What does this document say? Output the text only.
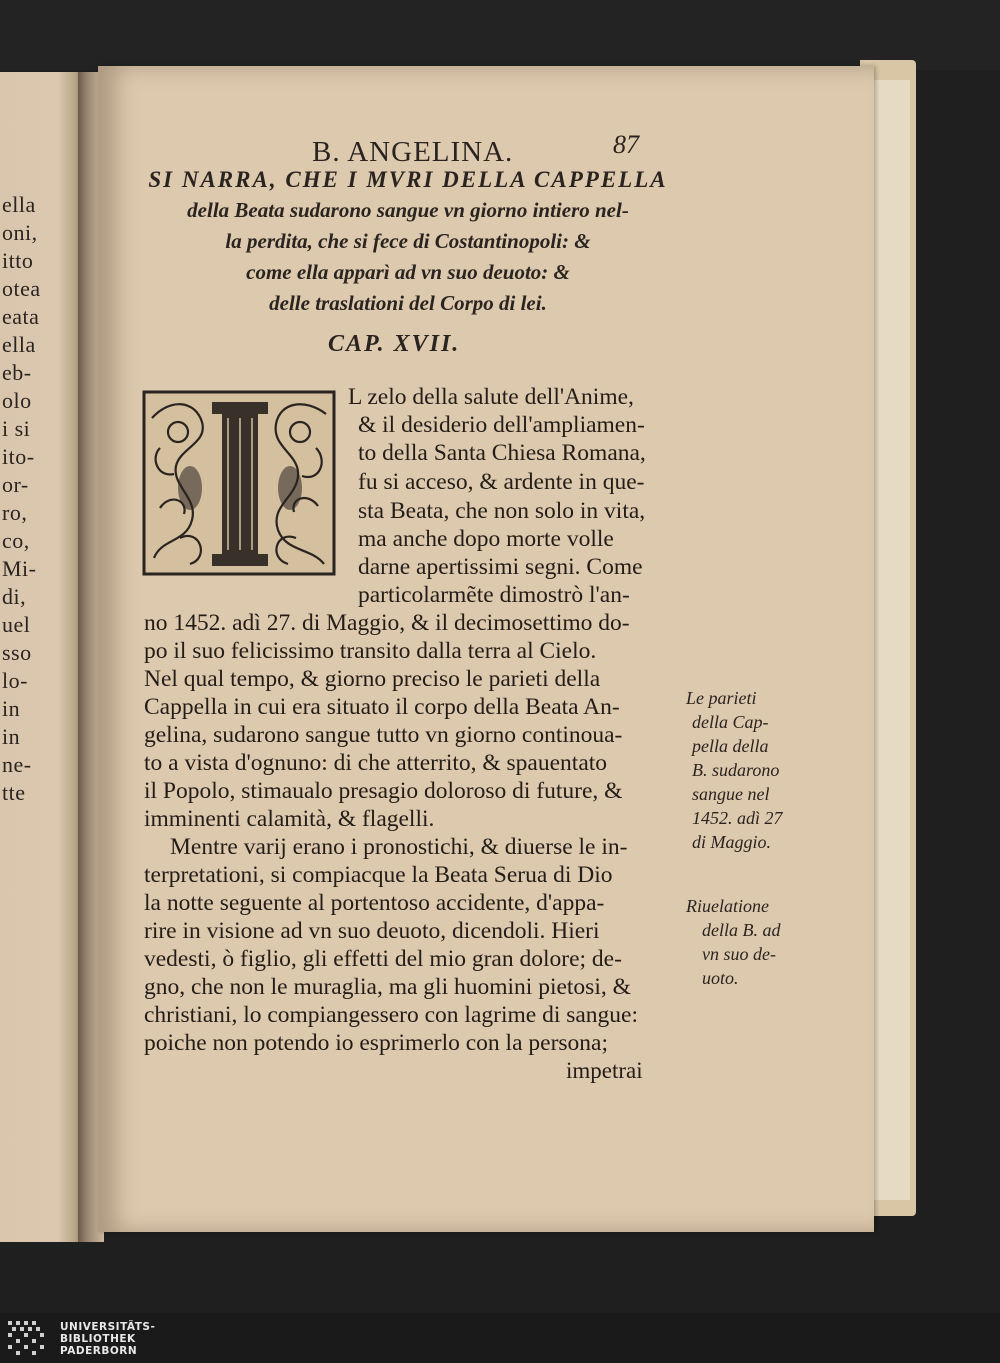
ella
oni,
itto
otea
eata
ella
eb-
olo
i si
ito-
or-
ro,
co,
Mi-
di,
uel
sso
lo-
in
in
ne-
tte
B. ANGELINA.	87
SI NARRA, CHE I MVRI DELLA CAPPELLA
della Beata sudarono sangue vn giorno intiero nel-
la perdita, che si fece di Costantinopoli: &
come ella apparì ad vn suo deuoto: &
delle traslationi del Corpo di lei.
CAP. XVII.
L zelo della salute dell'Anime,
& il desiderio dell'ampliamen-
to della Santa Chiesa Romana,
fu si acceso, & ardente in que-
sta Beata, che non solo in vita,
ma anche dopo morte volle
darne apertissimi segni. Come
particolarmẽte dimostrò l'an-
no 1452. adì 27. di Maggio, & il decimosettimo do-
po il suo felicissimo transito dalla terra al Cielo.
Nel qual tempo, & giorno preciso le parieti della
Cappella in cui era situato il corpo della Beata An-
gelina, sudarono sangue tutto vn giorno continoua-
to a vista d'ognuno: di che atterrito, & spauentato
il Popolo, stimaualo presagio doloroso di future, &
imminenti calamità, & flagelli.
Mentre varij erano i pronostichi, & diuerse le in-
terpretationi, si compiacque la Beata Serua di Dio
la notte seguente al portentoso accidente, d'appa-
rire in visione ad vn suo deuoto, dicendoli. Hieri
vedesti, ò figlio, gli effetti del mio gran dolore; de-
gno, che non le muraglia, ma gli huomini pietosi, &
christiani, lo compiangessero con lagrime di sangue:
poiche non potendo io esprimerlo con la persona;
impetrai
Le parieti
della Cap-
pella della
B. sudarono
sangue nel
1452. adì 27
di Maggio.
Riuelatione
della B. ad
vn suo de-
uoto.
UNIVERSITÄTS-
BIBLIOTHEK
PADERBORN
